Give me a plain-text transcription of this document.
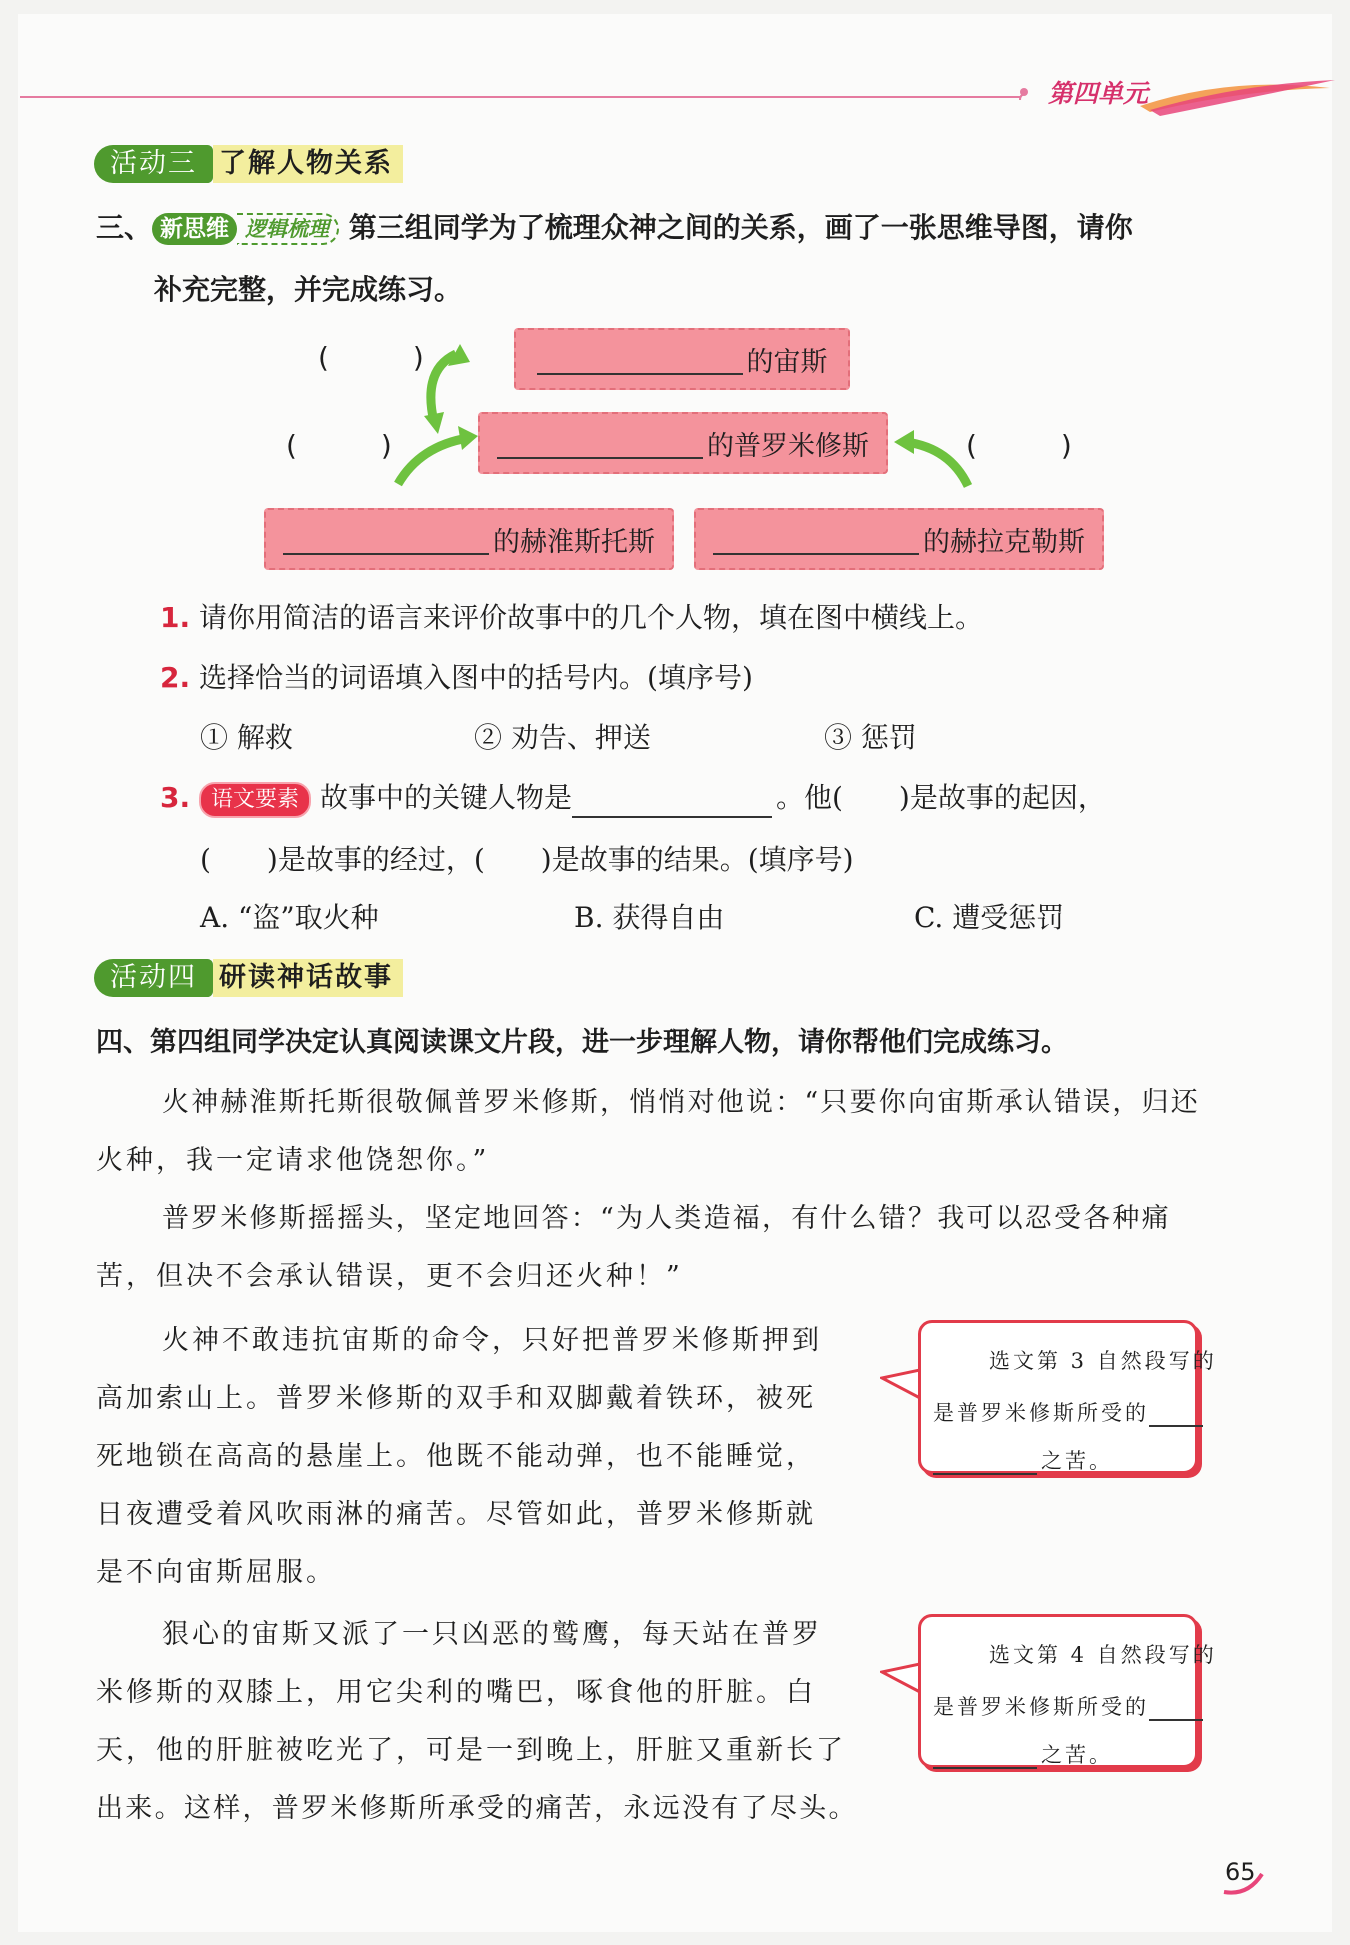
第四单元
活动三 了解人物关系
三、 新思维 逻辑梳理 第三组同学为了梳理众神之间的关系，画了一张思维导图，请你
补充完整，并完成练习。
的宙斯
的普罗米修斯
的赫淮斯托斯	的赫拉克勒斯
(　　　)
(　　　)	(　　　)
1. 请你用简洁的语言来评价故事中的几个人物，填在图中横线上。
2. 选择恰当的词语填入图中的括号内。(填序号)
① 解救	② 劝告、押送	③ 惩罚
3. 语文要素 故事中的关键人物是	。他(　　)是故事的起因，
(　　)是故事的经过，(　　)是故事的结果。(填序号)
A. “盗”取火种	B. 获得自由	C. 遭受惩罚
活动四 研读神话故事
四、第四组同学决定认真阅读课文片段，进一步理解人物，请你帮他们完成练习。
火神赫淮斯托斯很敬佩普罗米修斯，悄悄对他说：“只要你向宙斯承认错误，归还
火种，我一定请求他饶恕你。”
普罗米修斯摇摇头，坚定地回答：“为人类造福，有什么错？我可以忍受各种痛
苦，但决不会承认错误，更不会归还火种！”
火神不敢违抗宙斯的命令，只好把普罗米修斯押到
高加索山上。普罗米修斯的双手和双脚戴着铁环，被死
死地锁在高高的悬崖上。他既不能动弹，也不能睡觉，
日夜遭受着风吹雨淋的痛苦。尽管如此，普罗米修斯就
是不向宙斯屈服。
狠心的宙斯又派了一只凶恶的鹫鹰，每天站在普罗
米修斯的双膝上，用它尖利的嘴巴，啄食他的肝脏。白
天，他的肝脏被吃光了，可是一到晚上，肝脏又重新长了
出来。这样，普罗米修斯所承受的痛苦，永远没有了尽头。
选文第 3 自然段写的
是普罗米修斯所受的
之苦。
选文第 4 自然段写的
是普罗米修斯所受的
之苦。
65
